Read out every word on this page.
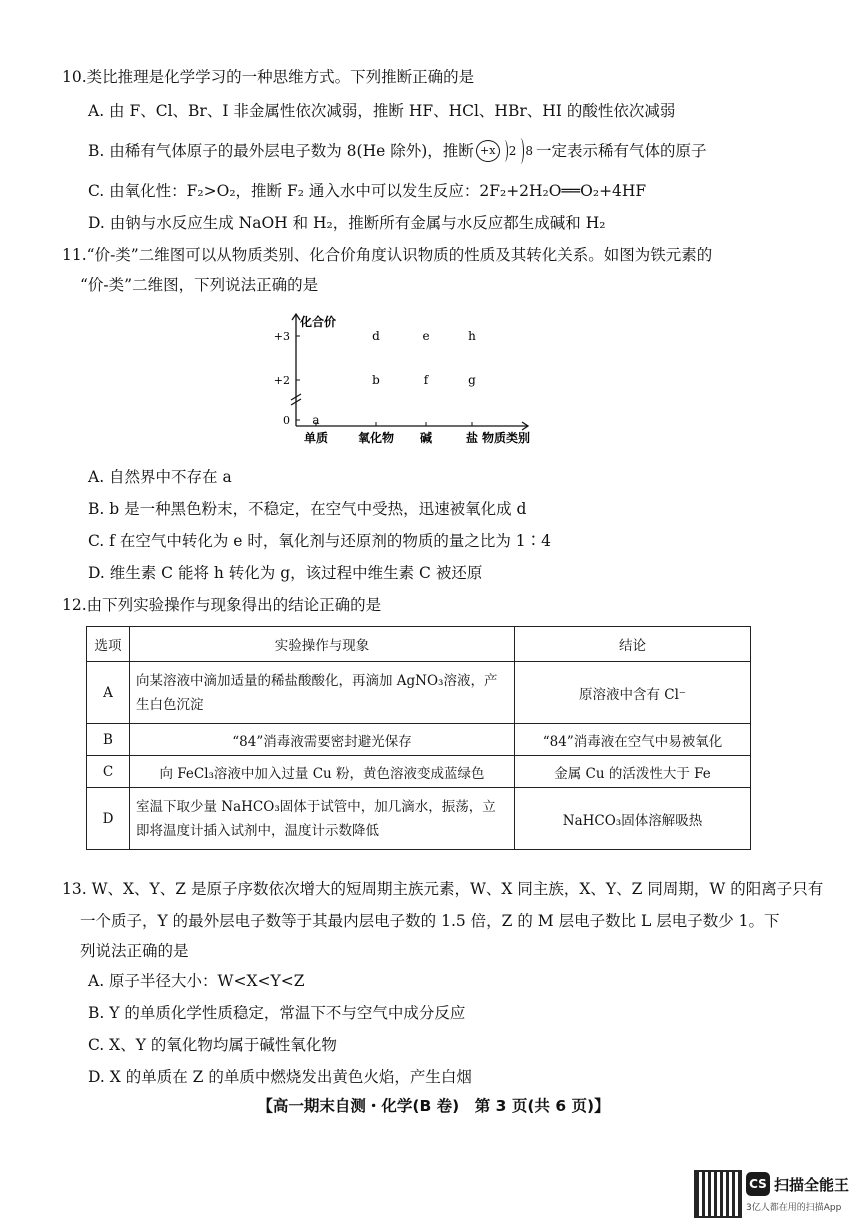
10.类比推理是化学学习的一种思维方式。下列推断正确的是
A. 由 F、Cl、Br、I 非金属性依次减弱，推断 HF、HCl、HBr、HI 的酸性依次减弱
B. 由稀有气体原子的最外层电子数为 8(He 除外)，推断 +x	2 8 一定表示稀有气体的原子
C. 由氧化性：F₂>O₂，推断 F₂ 通入水中可以发生反应：2F₂+2H₂O══O₂+4HF
D. 由钠与水反应生成 NaOH 和 H₂，推断所有金属与水反应都生成碱和 H₂
11.“价-类”二维图可以从物质类别、化合价角度认识物质的性质及其转化关系。如图为铁元素的
“价-类”二维图，下列说法正确的是
+3
+2
0
化合价
单质 氧化物 碱	盐 物质类别
a
b	f	g
d	e	h
A. 自然界中不存在 a
B. b 是一种黑色粉末，不稳定，在空气中受热，迅速被氧化成 d
C. f 在空气中转化为 e 时，氧化剂与还原剂的物质的量之比为 1∶4
D. 维生素 C 能将 h 转化为 g，该过程中维生素 C 被还原
12.由下列实验操作与现象得出的结论正确的是
选项	实验操作与现象	结论
A	向某溶液中滴加适量的稀盐酸酸化，再滴加 AgNO₃溶液，产生白色沉淀	原溶液中含有 Cl⁻
B	“84”消毒液需要密封避光保存	“84”消毒液在空气中易被氧化
C	向 FeCl₃溶液中加入过量 Cu 粉，黄色溶液变成蓝绿色	金属 Cu 的活泼性大于 Fe
D	室温下取少量 NaHCO₃固体于试管中，加几滴水，振荡，立即将温度计插入试剂中，温度计示数降低	NaHCO₃固体溶解吸热
13. W、X、Y、Z 是原子序数依次增大的短周期主族元素，W、X 同主族，X、Y、Z 同周期，W 的阳离子只有
一个质子，Y 的最外层电子数等于其最内层电子数的 1.5 倍，Z 的 M 层电子数比 L 层电子数少 1。下
列说法正确的是
A. 原子半径大小：W<X<Y<Z
B. Y 的单质化学性质稳定，常温下不与空气中成分反应
C. X、Y 的氧化物均属于碱性氧化物
D. X 的单质在 Z 的单质中燃烧发出黄色火焰，产生白烟
【高一期末自测・化学(B 卷)　第 3 页(共 6 页)】
CS 扫描全能王
3亿人都在用的扫描App
